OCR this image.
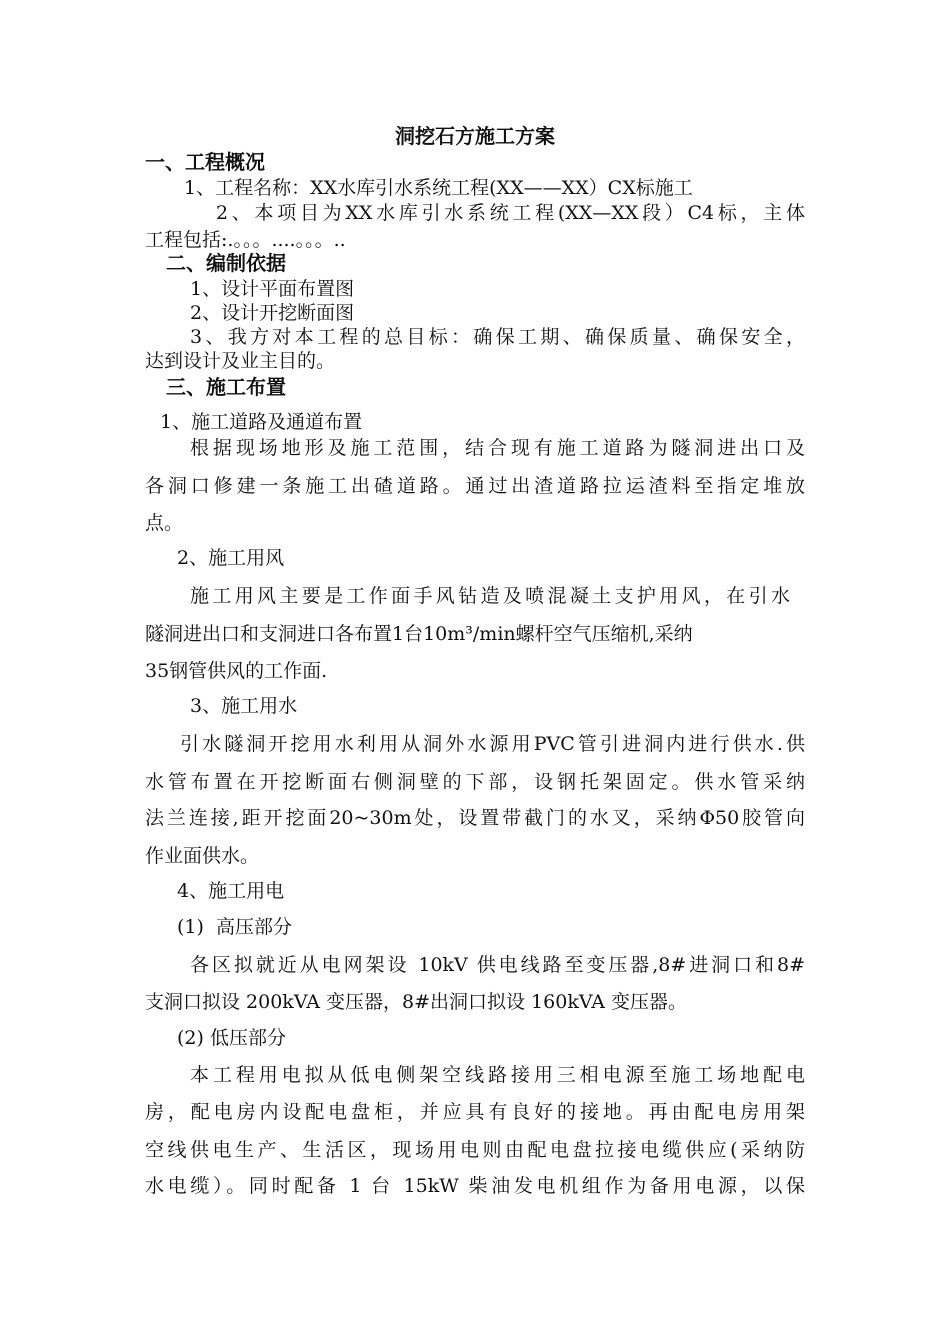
洞挖石方施工方案
一、工程概况
1、工程名称：XX水库引水系统工程(XX——XX）CX标施工
2、本项目为XX水库引水系统工程(XX—XX段）C4标，主体
工程包括:.。。。....。。。..
二、编制依据
1、设计平面布置图
2、设计开挖断面图
3、我方对本工程的总目标：确保工期、确保质量、确保安全，
达到设计及业主目的。
三、施工布置
1、施工道路及通道布置
根据现场地形及施工范围，结合现有施工道路为隧洞进出口及
各洞口修建一条施工出碴道路。通过出渣道路拉运渣料至指定堆放
点。
2、施工用风
施工用风主要是工作面手风钻造及喷混凝土支护用风，在引水
隧洞进出口和支洞进口各布置1台10m³/min螺杆空气压缩机,采纳
35钢管供风的工作面.
3、施工用水
引水隧洞开挖用水利用从洞外水源用PVC管引进洞内进行供水.供
水管布置在开挖断面右侧洞壁的下部，设钢托架固定。供水管采纳
法兰连接,距开挖面20~30m处，设置带截门的水叉，采纳Φ50胶管向
作业面供水。
4、施工用电
(1)  高压部分
各区拟就近从电网架设 10kV 供电线路至变压器,8#进洞口和8#
支洞口拟设 200kVA 变压器，8#出洞口拟设 160kVA 变压器。
(2) 低压部分
本工程用电拟从低电侧架空线路接用三相电源至施工场地配电
房，配电房内设配电盘柜，并应具有良好的接地。再由配电房用架
空线供电生产、生活区，现场用电则由配电盘拉接电缆供应(采纳防
水电缆）。同时配备 1 台 15kW 柴油发电机组作为备用电源，以保
